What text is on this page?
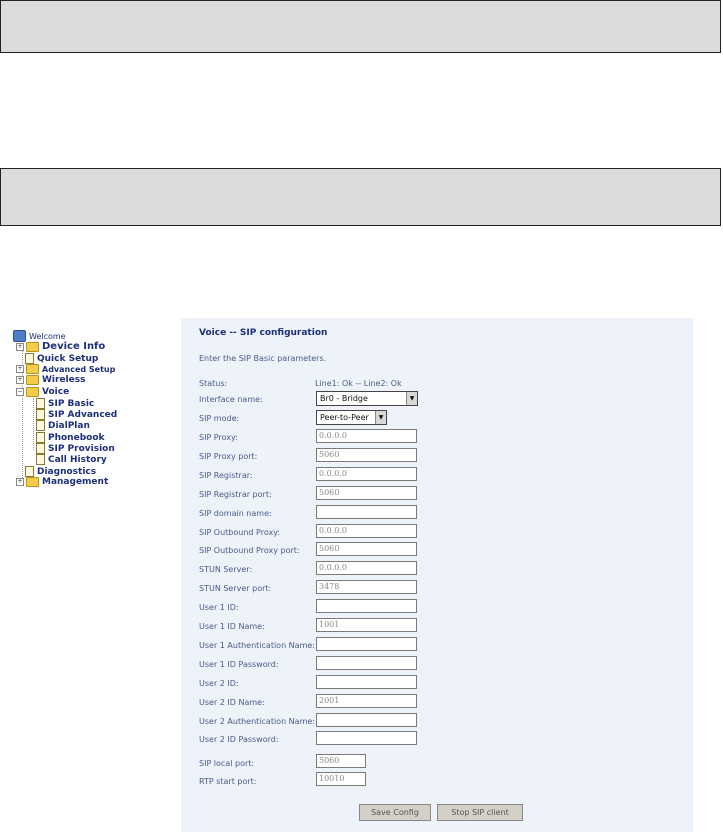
Welcome
+ Device Info
Quick Setup
+ Advanced Setup
+ Wireless
− Voice
SIP Basic
SIP Advanced
DialPlan
Phonebook
SIP Provision
Call History
Diagnostics
+ Management
Voice -- SIP configuration
Enter the SIP Basic parameters.
Status:	Line1: Ok -- Line2: Ok
Interface name:	Br0 - Bridge	▼
SIP mode:	Peer-to-Peer	▼
SIP Proxy:	0.0.0.0
SIP Proxy port:	5060
SIP Registrar:	0.0.0.0
SIP Registrar port:	5060
SIP domain name:
SIP Outbound Proxy:	0.0.0.0
SIP Outbound Proxy port:	5060
STUN Server:	0.0.0.0
STUN Server port:	3478
User 1 ID:
User 1 ID Name:	1001
User 1 Authentication Name:
User 1 ID Password:
User 2 ID:
User 2 ID Name:	2001
User 2 Authentication Name:
User 2 ID Password:
SIP local port:	5060
RTP start port:	10010
Save Config	Stop SIP client
